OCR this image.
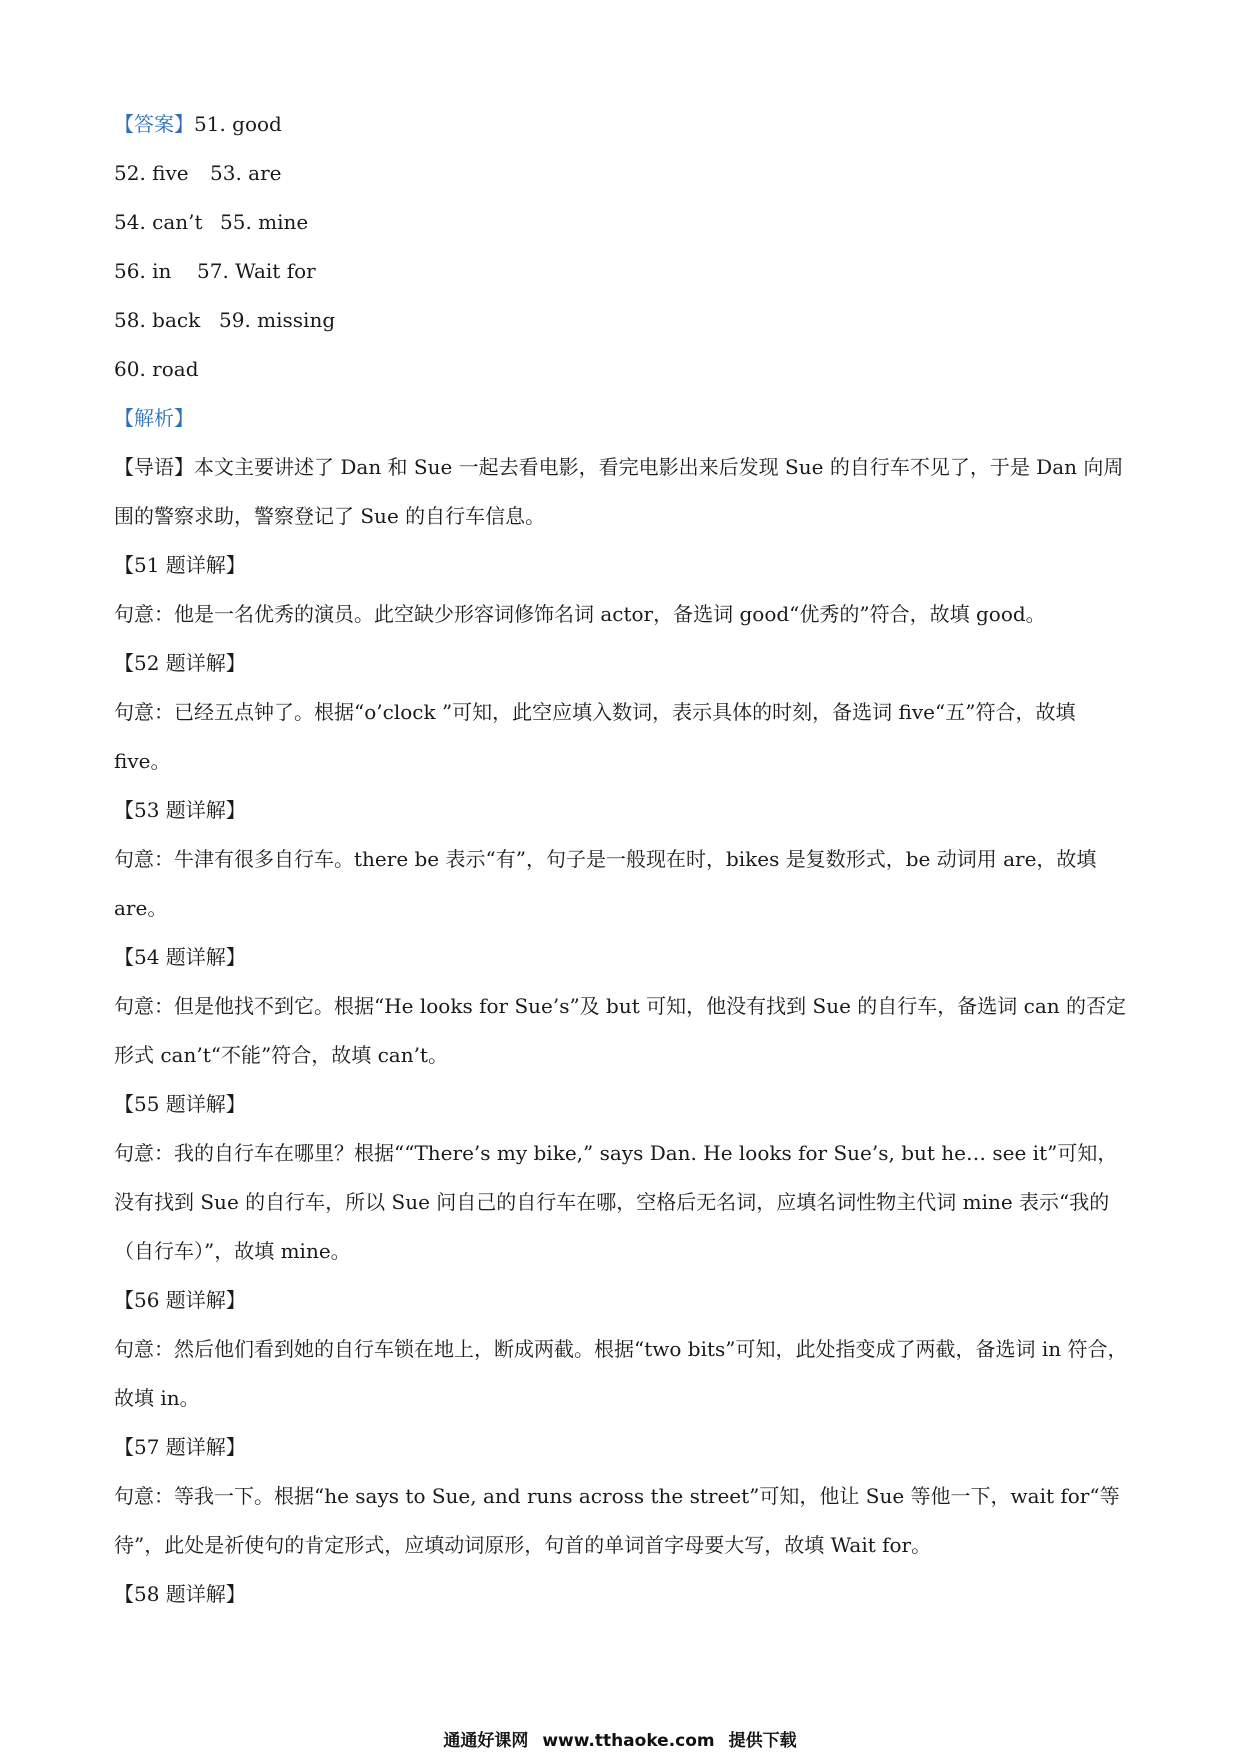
【答案】51. good
52. five 53. are
54. can’t 55. mine
56. in 57. Wait for
58. back 59. missing
60. road
【解析】
【导语】本文主要讲述了 Dan 和 Sue 一起去看电影，看完电影出来后发现 Sue 的自行车不见了，于是 Dan 向周围的警察求助，警察登记了 Sue 的自行车信息。
【51 题详解】
句意：他是一名优秀的演员。此空缺少形容词修饰名词 actor，备选词 good“优秀的”符合，故填 good。
【52 题详解】
句意：已经五点钟了。根据“o’clock ”可知，此空应填入数词，表示具体的时刻，备选词 five“五”符合，故填 five。
【53 题详解】
句意：牛津有很多自行车。there be 表示“有”，句子是一般现在时，bikes 是复数形式，be 动词用 are，故填 are。
【54 题详解】
句意：但是他找不到它。根据“He looks for Sue’s”及 but 可知，他没有找到 Sue 的自行车，备选词 can 的否定形式 can’t“不能”符合，故填 can’t。
【55 题详解】
句意：我的自行车在哪里？根据““There’s my bike,” says Dan. He looks for Sue’s, but he… see it”可知，没有找到 Sue 的自行车，所以 Sue 问自己的自行车在哪，空格后无名词，应填名词性物主代词 mine 表示“我的（自行车）”，故填 mine。
【56 题详解】
句意：然后他们看到她的自行车锁在地上，断成两截。根据“two bits”可知，此处指变成了两截，备选词 in 符合，故填 in。
【57 题详解】
句意：等我一下。根据“he says to Sue, and runs across the street”可知，他让 Sue 等他一下，wait for“等待”，此处是祈使句的肯定形式，应填动词原形，句首的单词首字母要大写，故填 Wait for。
【58 题详解】
通通好课网 www.tthaoke.com 提供下载
